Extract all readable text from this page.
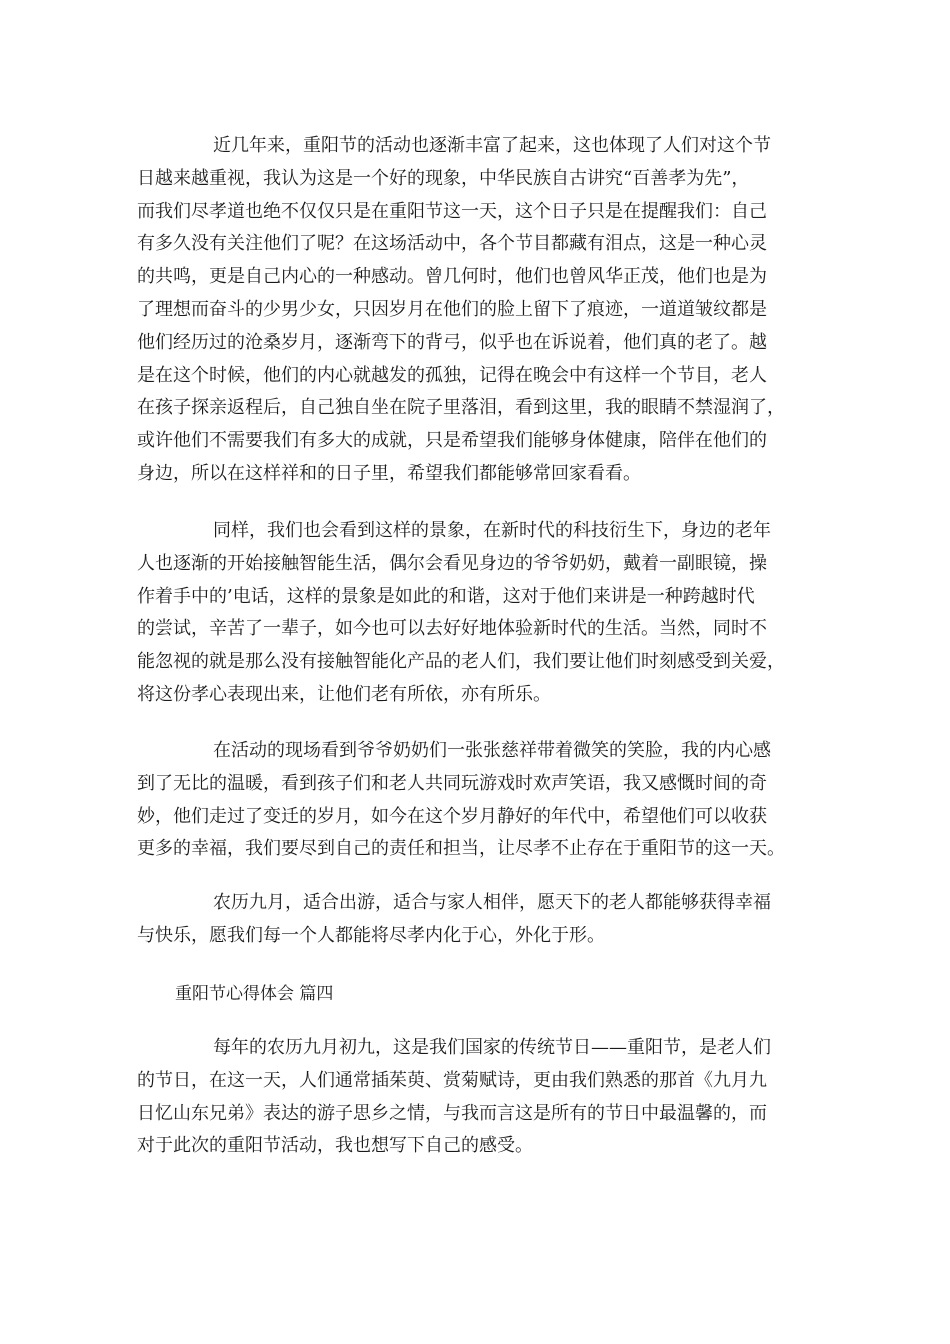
近几年来，重阳节的活动也逐渐丰富了起来，这也体现了人们对这个节
日越来越重视，我认为这是一个好的现象，中华民族自古讲究“百善孝为先”，
而我们尽孝道也绝不仅仅只是在重阳节这一天，这个日子只是在提醒我们：自己
有多久没有关注他们了呢？在这场活动中，各个节目都藏有泪点，这是一种心灵
的共鸣，更是自己内心的一种感动。曾几何时，他们也曾风华正茂，他们也是为
了理想而奋斗的少男少女，只因岁月在他们的脸上留下了痕迹，一道道皱纹都是
他们经历过的沧桑岁月，逐渐弯下的背弓，似乎也在诉说着，他们真的老了。越
是在这个时候，他们的内心就越发的孤独，记得在晚会中有这样一个节目，老人
在孩子探亲返程后，自己独自坐在院子里落泪，看到这里，我的眼睛不禁湿润了，
或许他们不需要我们有多大的成就，只是希望我们能够身体健康，陪伴在他们的
身边，所以在这样祥和的日子里，希望我们都能够常回家看看。
同样，我们也会看到这样的景象，在新时代的科技衍生下，身边的老年
人也逐渐的开始接触智能生活，偶尔会看见身边的爷爷奶奶，戴着一副眼镜，操
作着手中的’电话，这样的景象是如此的和谐，这对于他们来讲是一种跨越时代
的尝试，辛苦了一辈子，如今也可以去好好地体验新时代的生活。当然，同时不
能忽视的就是那么没有接触智能化产品的老人们，我们要让他们时刻感受到关爱，
将这份孝心表现出来，让他们老有所依，亦有所乐。
在活动的现场看到爷爷奶奶们一张张慈祥带着微笑的笑脸，我的内心感
到了无比的温暖，看到孩子们和老人共同玩游戏时欢声笑语，我又感慨时间的奇
妙，他们走过了变迁的岁月，如今在这个岁月静好的年代中，希望他们可以收获
更多的幸福，我们要尽到自己的责任和担当，让尽孝不止存在于重阳节的这一天。
农历九月，适合出游，适合与家人相伴，愿天下的老人都能够获得幸福
与快乐，愿我们每一个人都能将尽孝内化于心，外化于形。
重阳节心得体会 篇四
每年的农历九月初九，这是我们国家的传统节日——重阳节，是老人们
的节日，在这一天，人们通常插茱萸、赏菊赋诗，更由我们熟悉的那首《九月九
日忆山东兄弟》表达的游子思乡之情，与我而言这是所有的节日中最温馨的，而
对于此次的重阳节活动，我也想写下自己的感受。
